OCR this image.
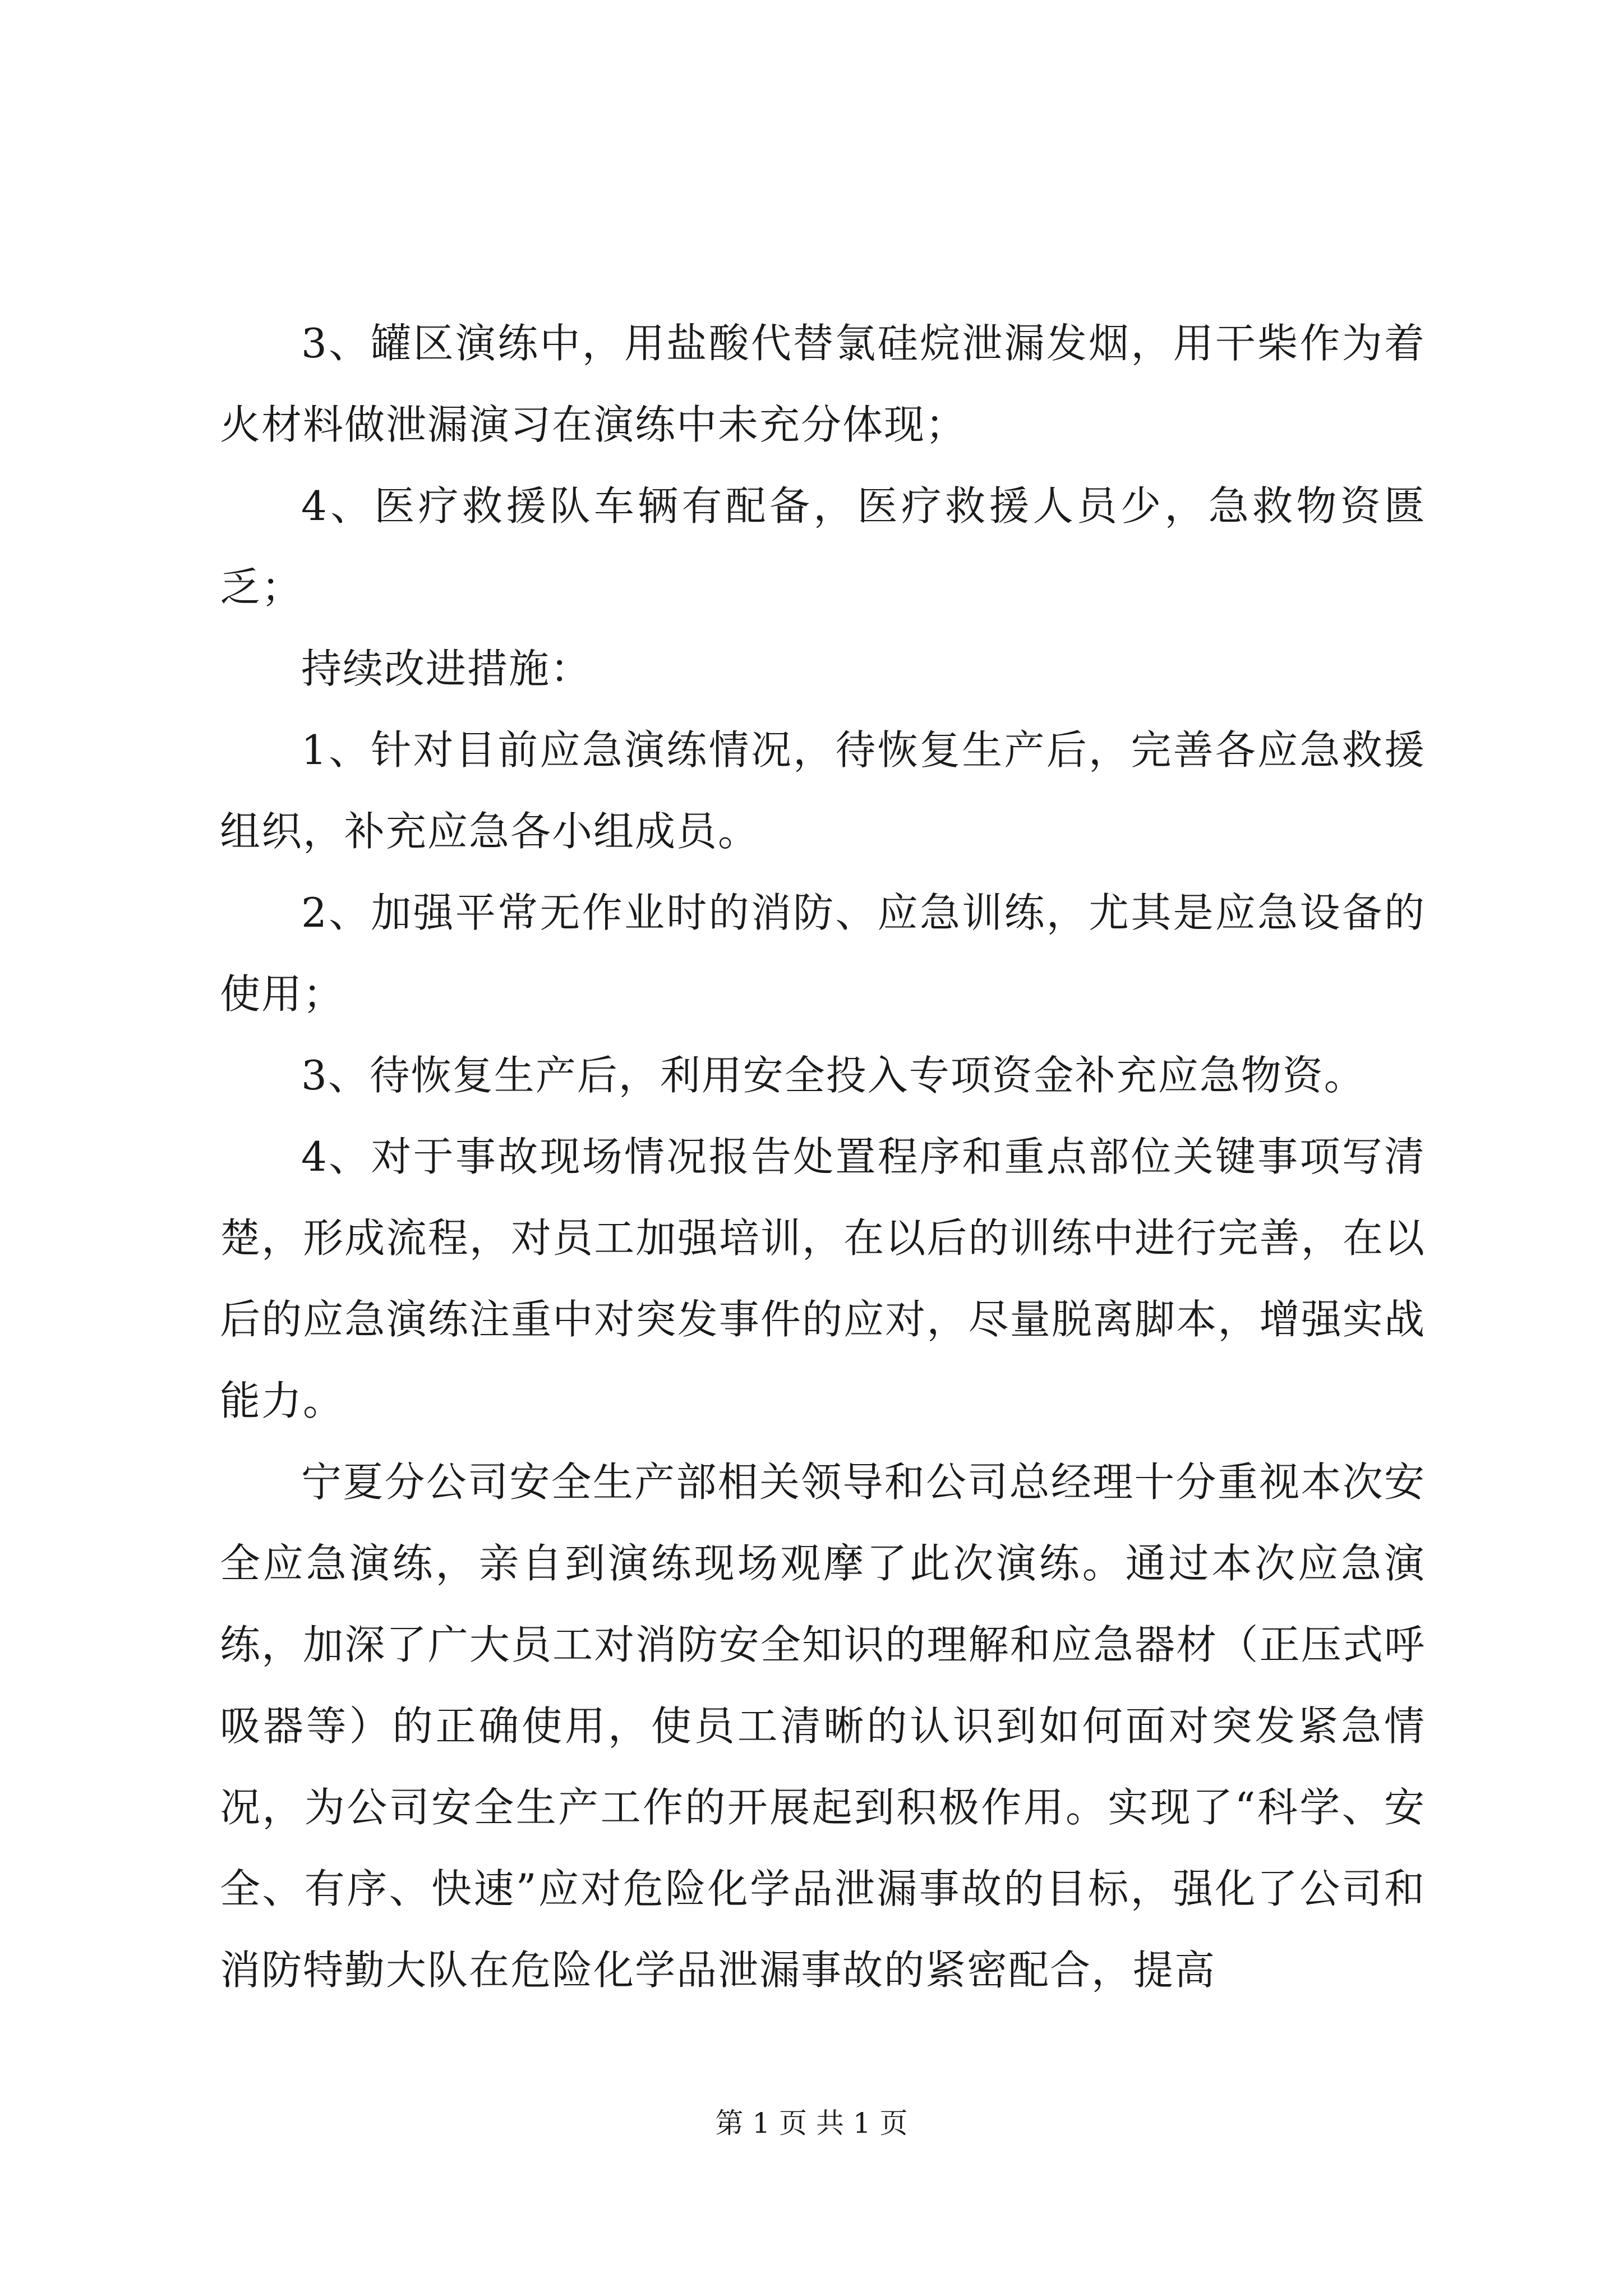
3、罐区演练中，用盐酸代替氯硅烷泄漏发烟，用干柴作为着火材料做泄漏演习在演练中未充分体现；

4、医疗救援队车辆有配备，医疗救援人员少，急救物资匮乏；

持续改进措施：

1、针对目前应急演练情况，待恢复生产后，完善各应急救援组织，补充应急各小组成员。

2、加强平常无作业时的消防、应急训练，尤其是应急设备的使用；

3、待恢复生产后，利用安全投入专项资金补充应急物资。

4、对于事故现场情况报告处置程序和重点部位关键事项写清楚，形成流程，对员工加强培训，在以后的训练中进行完善，在以后的应急演练注重中对突发事件的应对，尽量脱离脚本，增强实战能力。

宁夏分公司安全生产部相关领导和公司总经理十分重视本次安全应急演练，亲自到演练现场观摩了此次演练。通过本次应急演练，加深了广大员工对消防安全知识的理解和应急器材（正压式呼吸器等）的正确使用，使员工清晰的认识到如何面对突发紧急情况，为公司安全生产工作的开展起到积极作用。实现了“科学、安全、有序、快速”应对危险化学品泄漏事故的目标，强化了公司和消防特勤大队在危险化学品泄漏事故的紧密配合，提高

第 1 页 共 1 页
